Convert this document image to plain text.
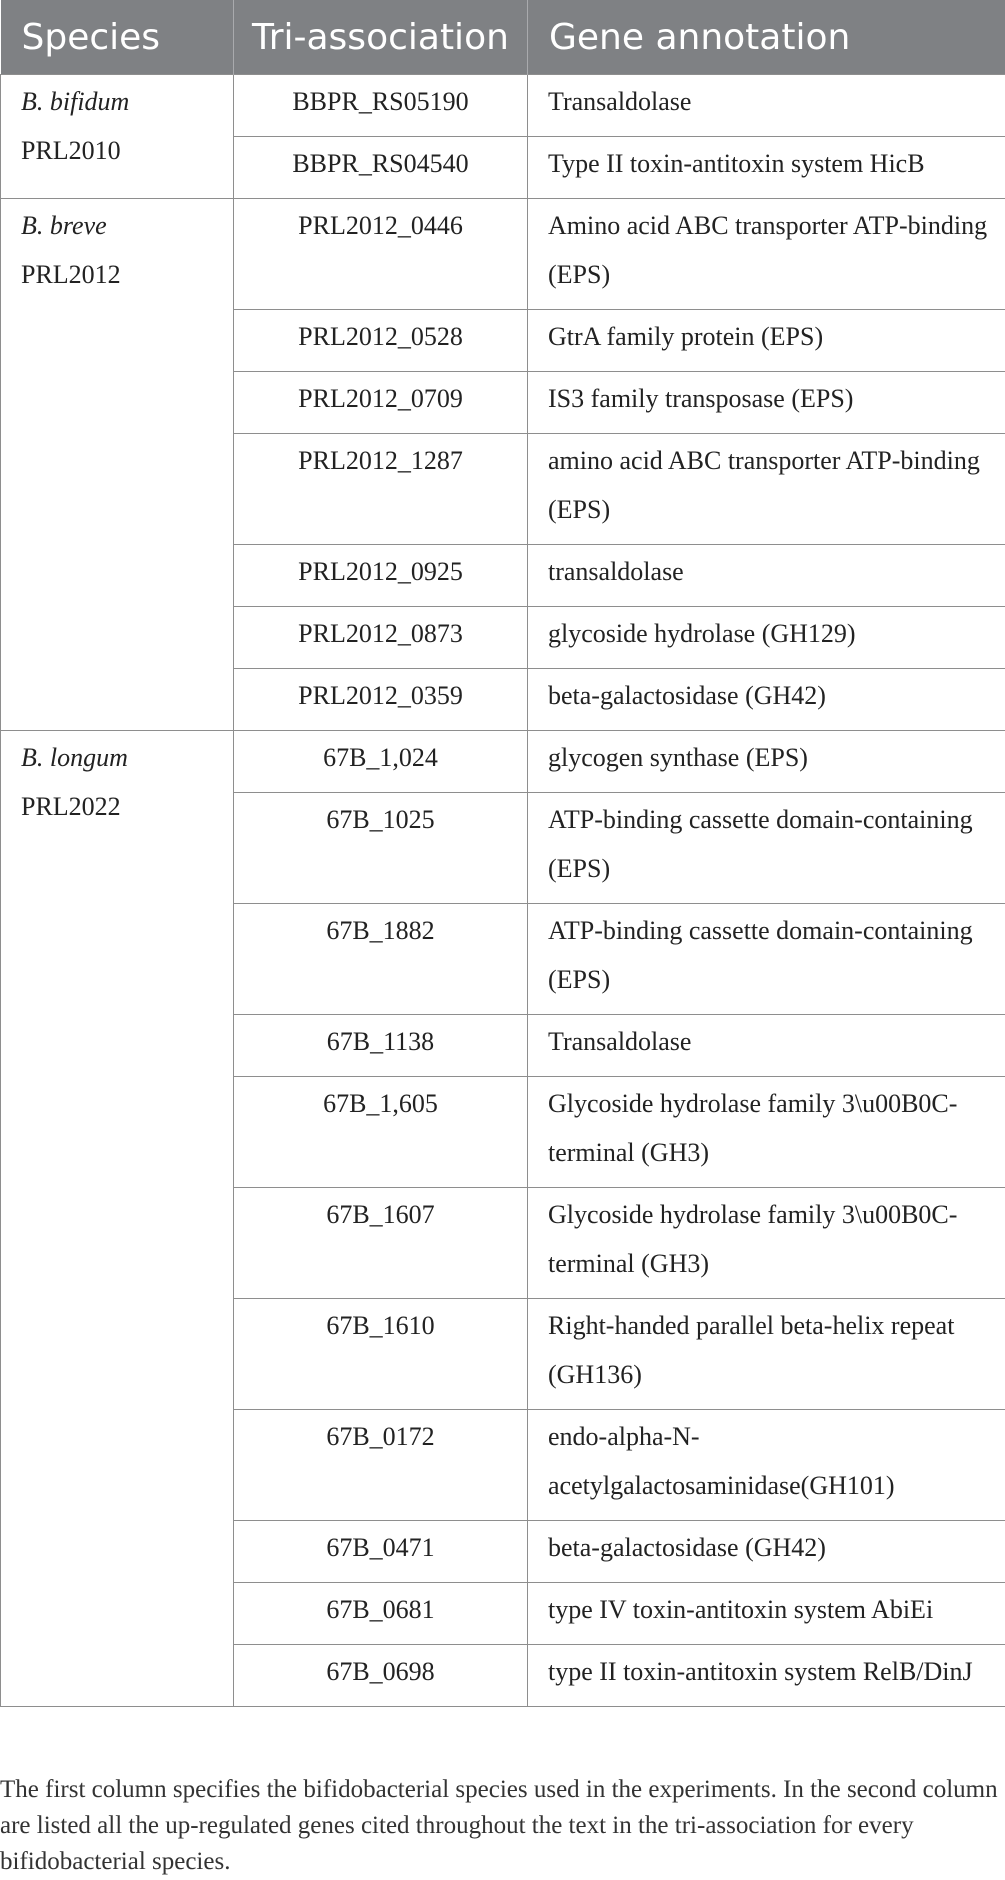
Species	Tri-association	Gene annotation

B. bifidum
PRL2010	BBPR_RS05190	Transaldolase
	BBPR_RS04540	Type II toxin-antitoxin system HicB

B. breve
PRL2012	PRL2012_0446	Amino acid ABC transporter ATP-binding (EPS)
	PRL2012_0528	GtrA family protein (EPS)
	PRL2012_0709	IS3 family transposase (EPS)
	PRL2012_1287	amino acid ABC transporter ATP-binding (EPS)
	PRL2012_0925	transaldolase
	PRL2012_0873	glycoside hydrolase (GH129)
	PRL2012_0359	beta-galactosidase (GH42)

B. longum
PRL2022	67B_1,024	glycogen synthase (EPS)
	67B_1025	ATP-binding cassette domain-containing (EPS)
	67B_1882	ATP-binding cassette domain-containing (EPS)
	67B_1138	Transaldolase
	67B_1,605	Glycoside hydrolase family 3\u00B0C-terminal (GH3)
	67B_1607	Glycoside hydrolase family 3\u00B0C-terminal (GH3)
	67B_1610	Right-handed parallel beta-helix repeat (GH136)
	67B_0172	endo-alpha-N-acetylgalactosaminidase(GH101)
	67B_0471	beta-galactosidase (GH42)
	67B_0681	type IV toxin-antitoxin system AbiEi
	67B_0698	type II toxin-antitoxin system RelB/DinJ
The first column specifies the bifidobacterial species used in the experiments. In the second column are listed all the up-regulated genes cited throughout the text in the tri-association for every bifidobacterial species.
